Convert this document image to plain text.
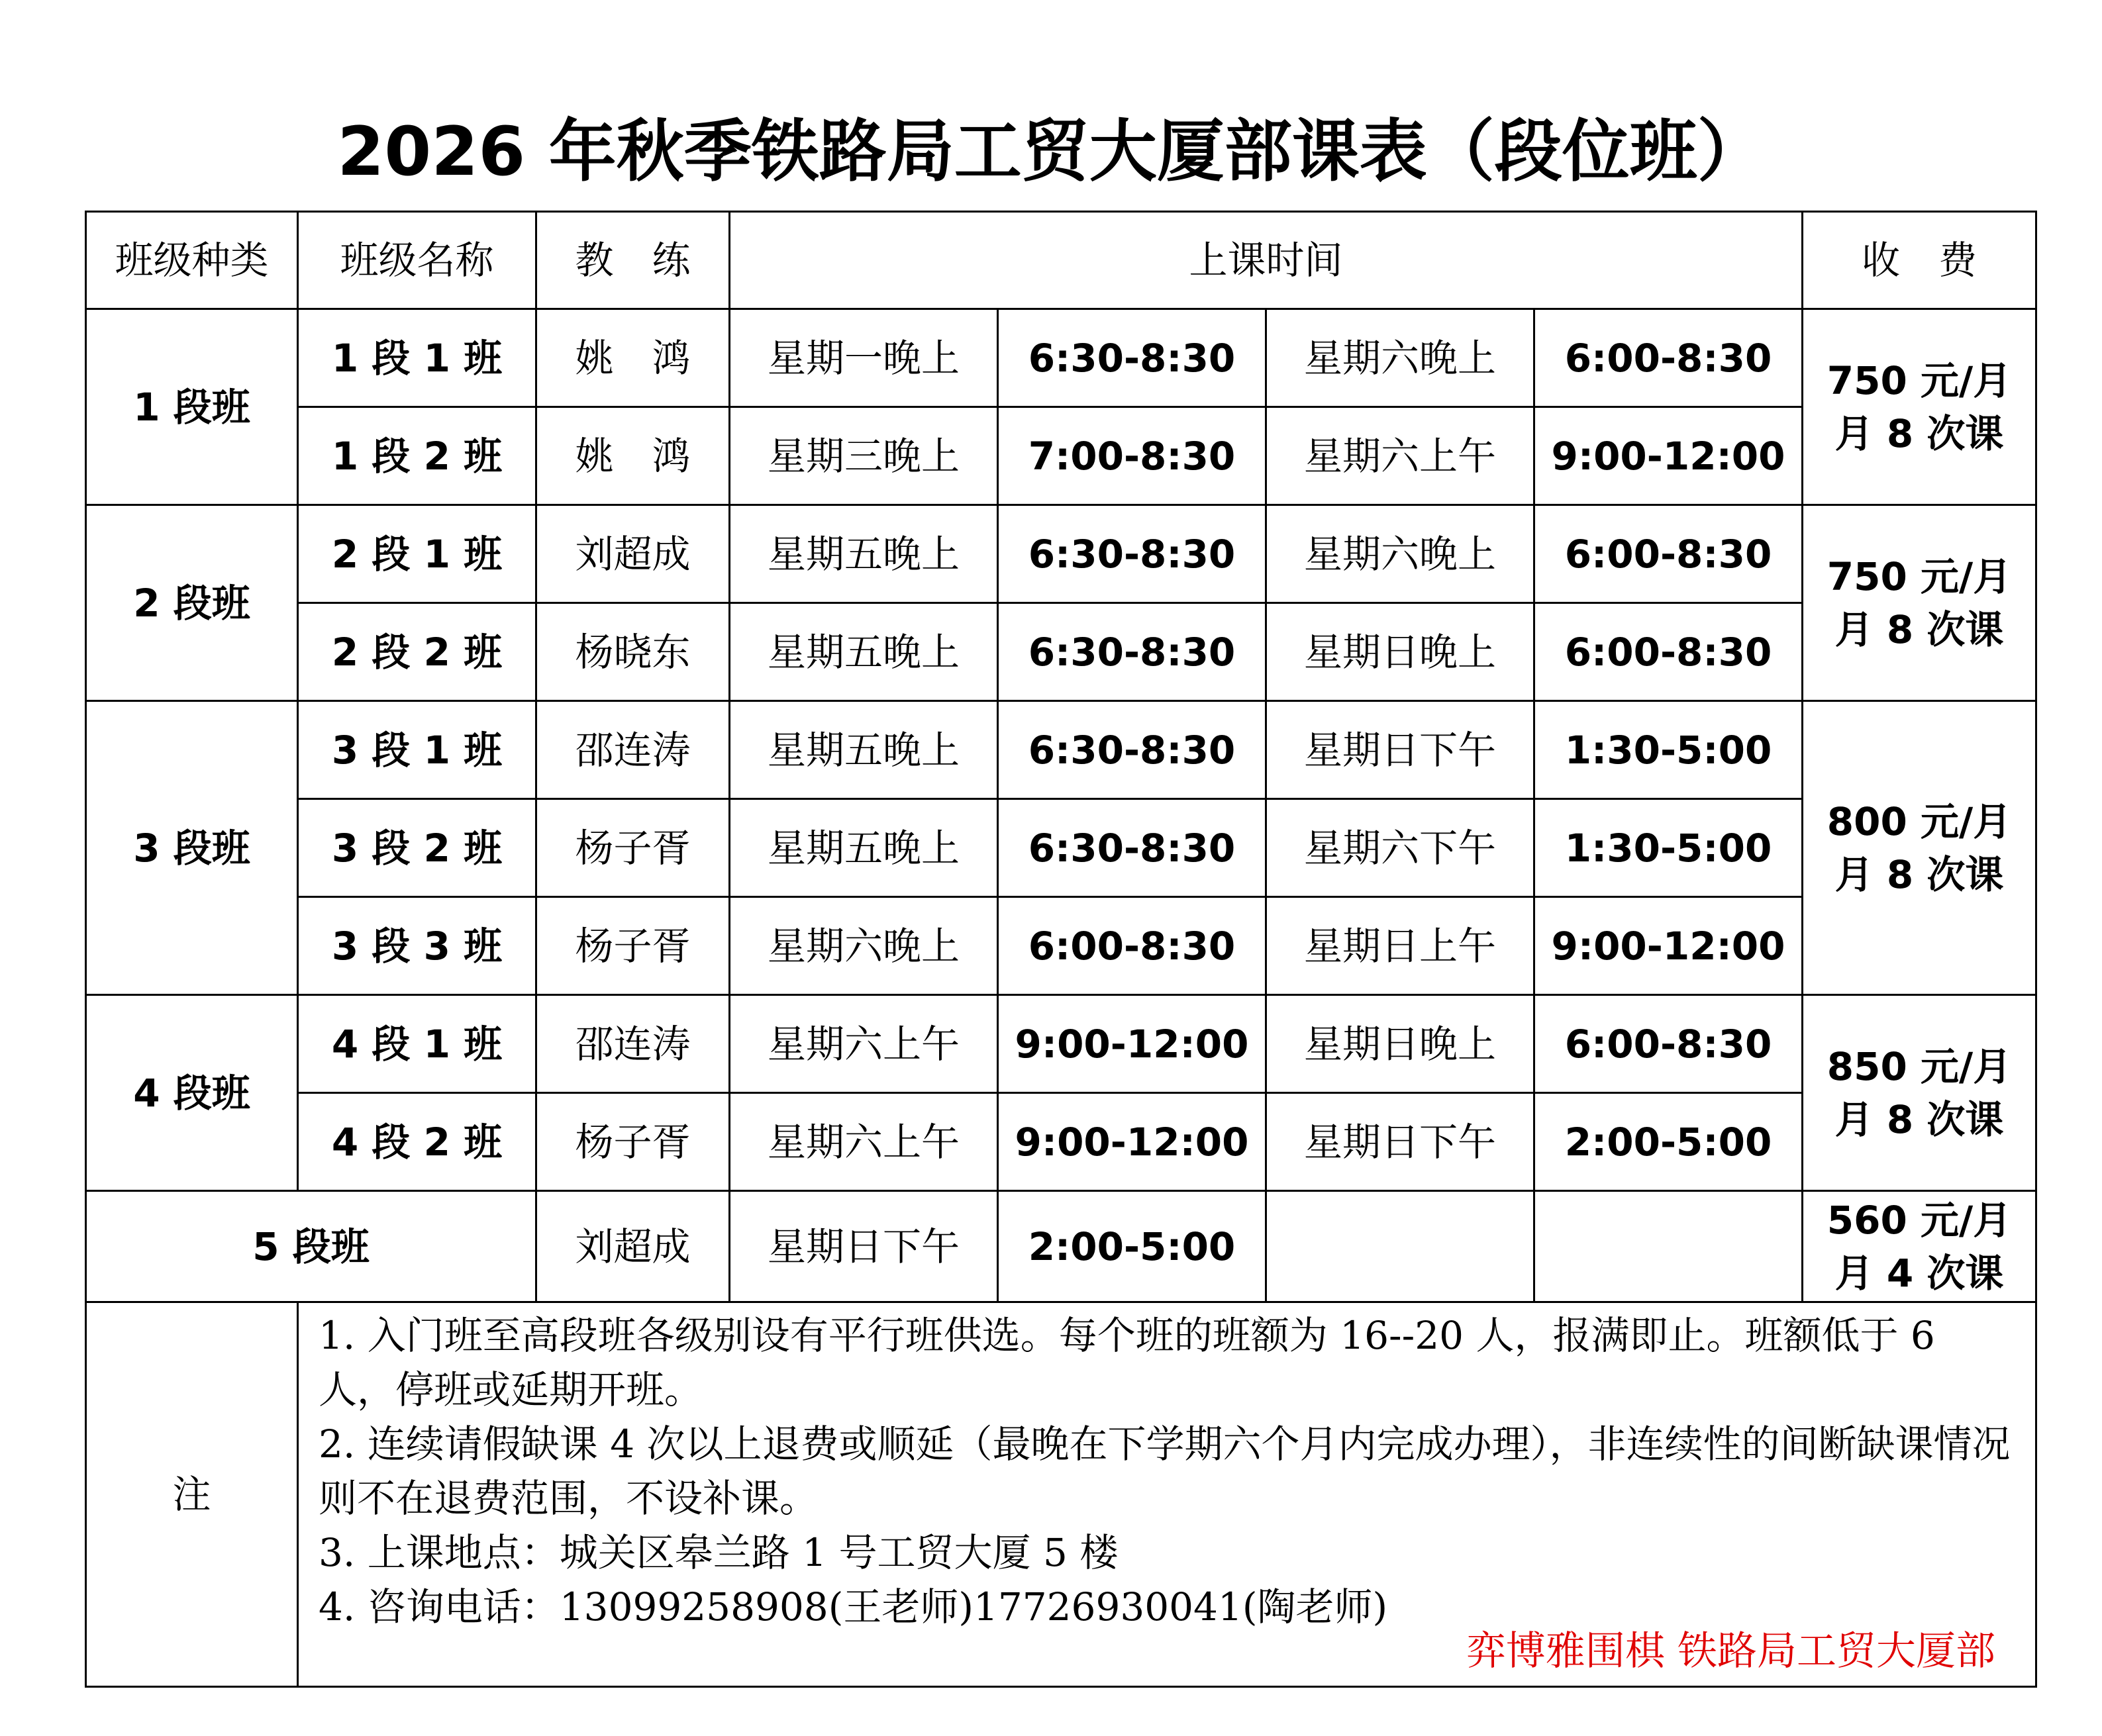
2026 年秋季铁路局工贸大厦部课表（段位班）
班级种类	班级名称	教　练	上课时间				收　费
1 段班	1 段 1 班	姚　鸿	星期一晚上	6:30-8:30	星期六晚上	6:00-8:30	750 元/月
月 8 次课

	1 段 2 班	姚　鸿	星期三晚上	7:00-8:30	星期六上午	9:00-12:00	
2 段班	2 段 1 班	刘超成	星期五晚上	6:30-8:30	星期六晚上	6:00-8:30	750 元/月
月 8 次课

	2 段 2 班	杨晓东	星期五晚上	6:30-8:30	星期日晚上	6:00-8:30	
3 段班	3 段 1 班	邵连涛	星期五晚上	6:30-8:30	星期日下午	1:30-5:00	800 元/月
月 8 次课

	3 段 2 班	杨子胥	星期五晚上	6:30-8:30	星期六下午	1:30-5:00	
	3 段 3 班	杨子胥	星期六晚上	6:00-8:30	星期日上午	9:00-12:00	
4 段班	4 段 1 班	邵连涛	星期六上午	9:00-12:00	星期日晚上	6:00-8:30	850 元/月
月 8 次课

	4 段 2 班	杨子胥	星期六上午	9:00-12:00	星期日下午	2:00-5:00	
5 段班		刘超成	星期日下午	2:00-5:00			560 元/月
月 4 次课

注	1. 入门班至高段班各级别设有平行班供选。每个班的班额为 16--20 人，报满即止。班额低于 6 人，停班或延期开班。

2. 连续请假缺课 4 次以上退费或顺延（最晚在下学期六个月内完成办理），非连续性的间断缺课情况则不在退费范围，不设补课。

3. 上课地点：城关区皋兰路 1 号工贸大厦 5 楼

4. 咨询电话：13099258908(王老师)17726930041(陶老师)

弈博雅围棋 铁路局工贸大厦部						
